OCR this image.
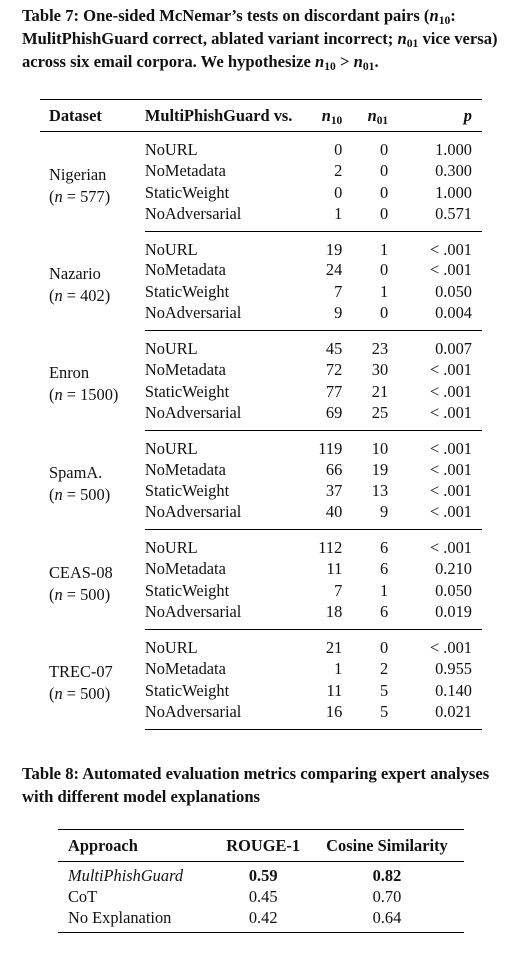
Table 7: One-sided McNemar’s tests on discordant pairs ($n_{10}$: MulitPhishGuard correct, ablated variant incorrect; $n_{01}$ vice versa) across six email corpora. We hypothesize $n_{10} > n_{01}$.

Dataset	MultiPhishGuard vs.	$n_{10}$	$n_{01}$	p

Nigerian
(n = 577)	NoURL	0	0	1.000
	NoMetadata	2	0	0.300
	StaticWeight	0	0	1.000
	NoAdversarial	1	0	0.571

Nazario
(n = 402)	NoURL	19	1	< .001
	NoMetadata	24	0	< .001
	StaticWeight	7	1	0.050
	NoAdversarial	9	0	0.004

Enron
(n = 1500)	NoURL	45	23	0.007
	NoMetadata	72	30	< .001
	StaticWeight	77	21	< .001
	NoAdversarial	69	25	< .001

SpamA.
(n = 500)	NoURL	119	10	< .001
	NoMetadata	66	19	< .001
	StaticWeight	37	13	< .001
	NoAdversarial	40	9	< .001

CEAS-08
(n = 500)	NoURL	112	6	< .001
	NoMetadata	11	6	0.210
	StaticWeight	7	1	0.050
	NoAdversarial	18	6	0.019

TREC-07
(n = 500)	NoURL	21	0	< .001
	NoMetadata	1	2	0.955
	StaticWeight	11	5	0.140
	NoAdversarial	16	5	0.021

Table 8: Automated evaluation metrics comparing expert analyses with different model explanations

Approach	ROUGE-1	Cosine Similarity
MultiPhishGuard	0.59	0.82
CoT	0.45	0.70
No Explanation	0.42	0.64
